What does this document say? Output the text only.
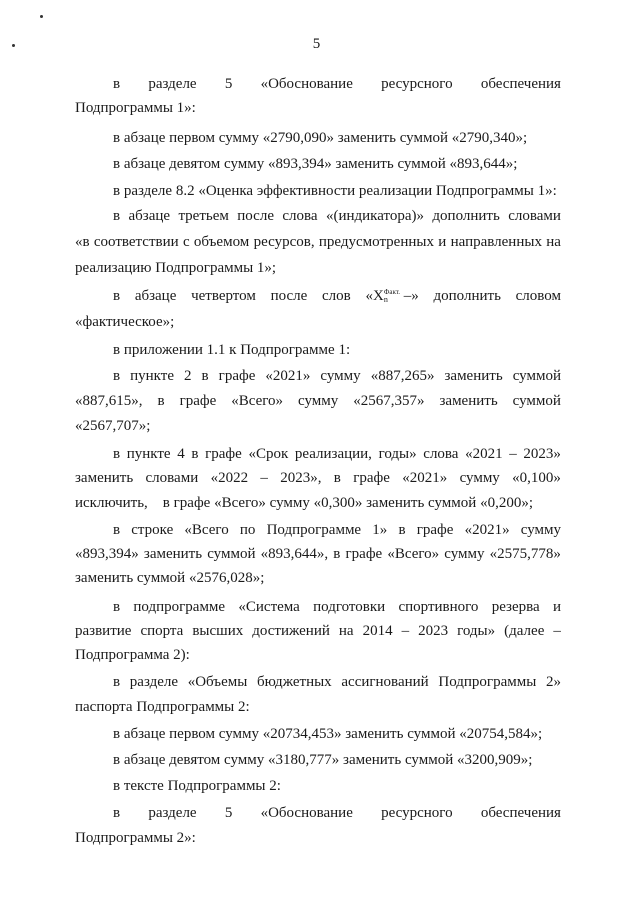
5
в разделе 5 «Обоснование ресурсного обеспечения
Подпрограммы 1»:
в абзаце первом сумму «2790,090» заменить суммой «2790,340»;
в абзаце девятом сумму «893,394» заменить суммой «893,644»;
в разделе 8.2 «Оценка эффективности реализации Подпрограммы 1»:
в абзаце третьем после слова «(индикатора)» дополнить словами
«в соответствии с объемом ресурсов, предусмотренных и направленных на
реализацию Подпрограммы 1»;
в абзаце четвертом после слов «X Факт.
n –» дополнить словом
«фактическое»;
в приложении 1.1 к Подпрограмме 1:
в пункте 2 в графе «2021» сумму «887,265» заменить суммой
«887,615», в графе «Всего» сумму «2567,357» заменить суммой
«2567,707»;
в пункте 4 в графе «Срок реализации, годы» слова «2021 – 2023»
заменить словами «2022 – 2023», в графе «2021» сумму «0,100»
исключить,    в графе «Всего» сумму «0,300» заменить суммой «0,200»;
в строке «Всего по Подпрограмме 1» в графе «2021» сумму
«893,394» заменить суммой «893,644», в графе «Всего» сумму «2575,778»
заменить суммой «2576,028»;
в подпрограмме «Система подготовки спортивного резерва и
развитие спорта высших достижений на 2014 – 2023 годы» (далее –
Подпрограмма 2):
в разделе «Объемы бюджетных ассигнований Подпрограммы 2»
паспорта Подпрограммы 2:
в абзаце первом сумму «20734,453» заменить суммой «20754,584»;
в абзаце девятом сумму «3180,777» заменить суммой «3200,909»;
в тексте Подпрограммы 2:
в разделе 5 «Обоснование ресурсного обеспечения
Подпрограммы 2»:
